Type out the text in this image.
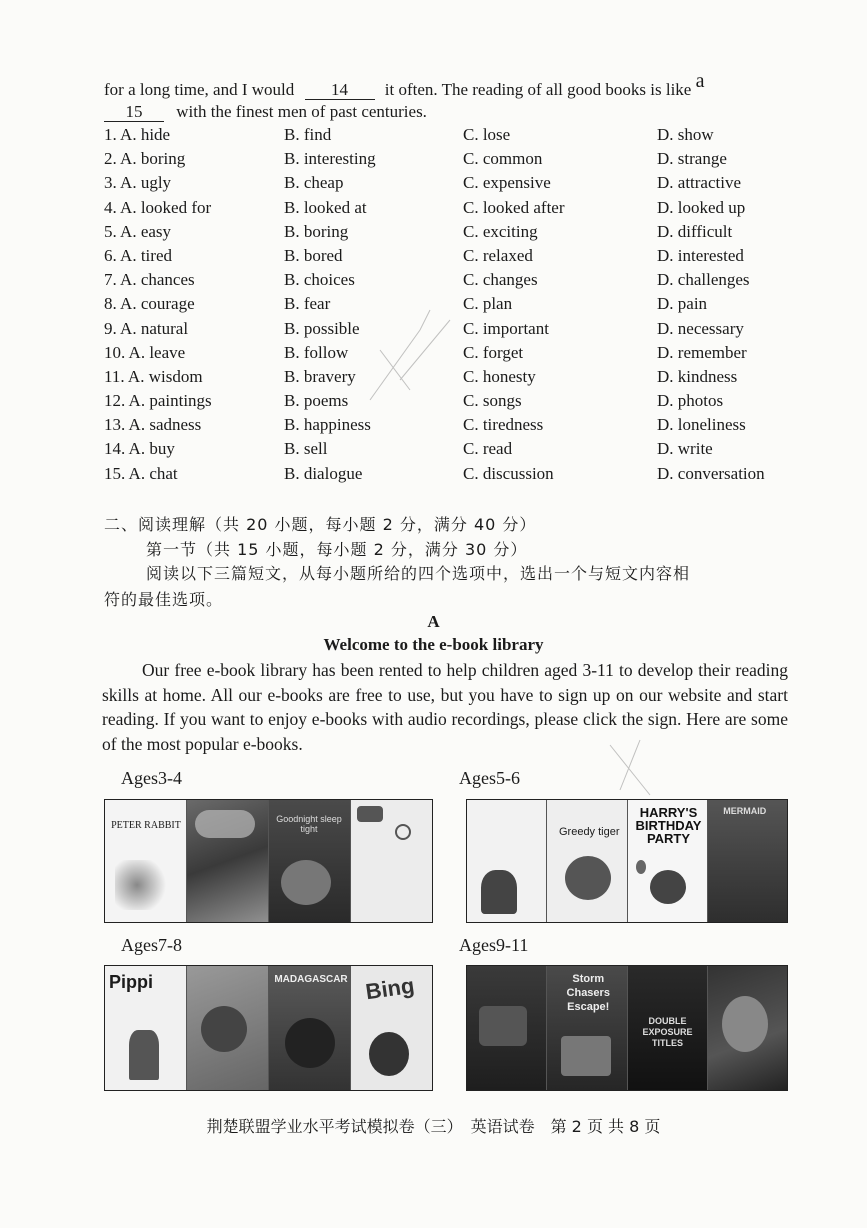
for a long time, and I would 14 it often. The reading of all good books is like a
15 with the finest men of past centuries.
1. A. hide	B. find	C. lose	D. show
2. A. boring	B. interesting	C. common	D. strange
3. A. ugly	B. cheap	C. expensive	D. attractive
4. A. looked for	B. looked at	C. looked after	D. looked up
5. A. easy	B. boring	C. exciting	D. difficult
6. A. tired	B. bored	C. relaxed	D. interested
7. A. chances	B. choices	C. changes	D. challenges
8. A. courage	B. fear	C. plan	D. pain
9. A. natural	B. possible	C. important	D. necessary
10. A. leave	B. follow	C. forget	D. remember
11. A. wisdom	B. bravery	C. honesty	D. kindness
12. A. paintings	B. poems	C. songs	D. photos
13. A. sadness	B. happiness	C. tiredness	D. loneliness
14. A. buy	B. sell	C. read	D. write
15. A. chat	B. dialogue	C. discussion	D. conversation
二、阅读理解（共 20 小题，每小题 2 分，满分 40 分）
第一节（共 15 小题，每小题 2 分，满分 30 分）
阅读以下三篇短文，从每小题所给的四个选项中，选出一个与短文内容相
符的最佳选项。
A
Welcome to the e-book library
Our free e-book library has been rented to help children aged 3-11 to develop their reading skills at home. All our e-books are free to use, but you have to sign up on our website and start reading. If you want to enjoy e-books with audio recordings, please click the sign. Here are some of the most popular e-books.
Ages3-4	Ages5-6
Ages7-8	Ages9-11
PETER RABBIT
Goodnight sleep tight	Greedy tiger
HARRY'S BIRTHDAY PARTY
MERMAID
Pippi	MADAGASCAR Bing	Storm Chasers Escape!
DOUBLE EXPOSURE TITLES
荆楚联盟学业水平考试模拟卷（三）　英语试卷　第 2 页 共 8 页
